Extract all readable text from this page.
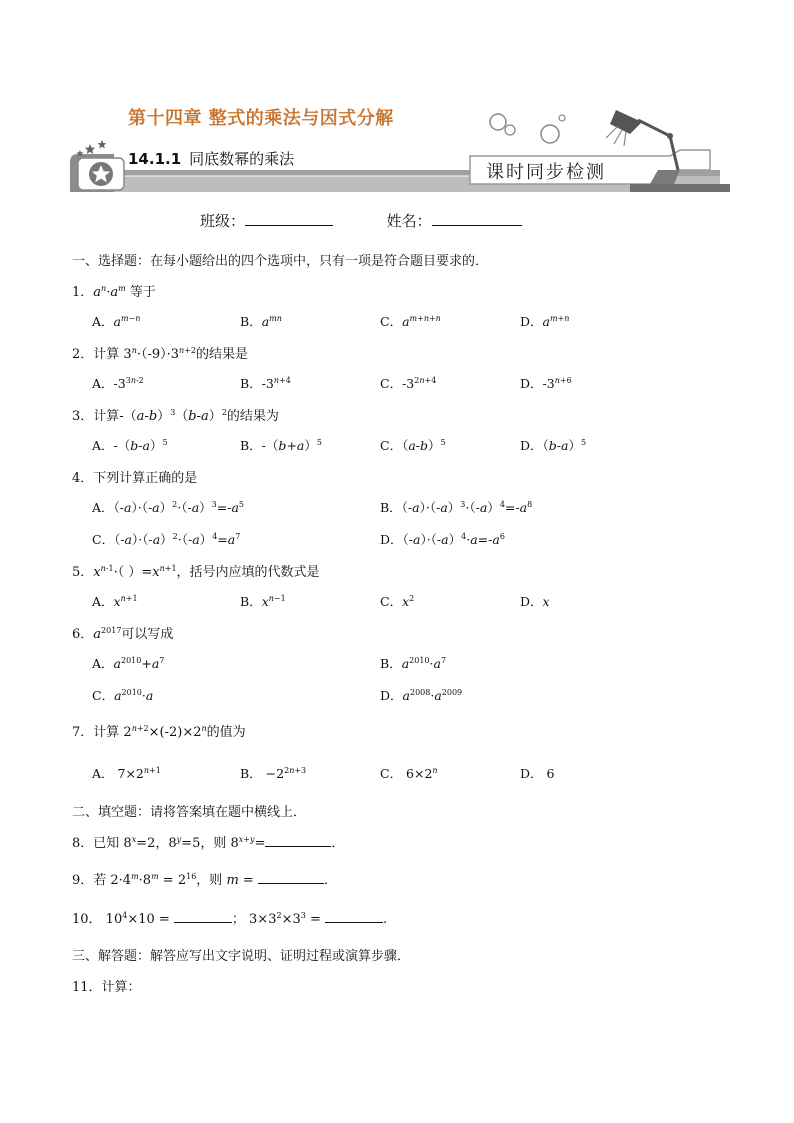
第十四章 整式的乘法与因式分解
14.1.1 同底数幂的乘法
课时同步检测
班级：	姓名：
一、选择题：在每小题给出的四个选项中，只有一项是符合题目要求的．
1．$a^n\cdot a^m$ 等于
A．$a^{m-n}$	B．$a^{mn}$	C．$a^{m+n+n}$	D．$a^{m+n}$
2．计算 $3^n\cdot(-9)\cdot 3^{n+2}$的结果是
A．$-3^{3n-2}$	B．$-3^{n+4}$	C．$-3^{2n+4}$	D．$-3^{n+6}$
3．计算$-(a-b)^3(b-a)^2$的结果为
A．$-(b-a)^5$	B．$-(b+a)^5$	C．$(a-b)^5$	D．$(b-a)^5$
4．下列计算正确的是
A．$(-a)\cdot(-a)^2\cdot(-a)^3=-a^5$	B．$(-a)\cdot(-a)^3\cdot(-a)^4=-a^8$
C．$(-a)\cdot(-a)^2\cdot(-a)^4=a^7$	D．$(-a)\cdot(-a)^4\cdot a=-a^6$
5．$x^{n-1}\cdot$（ ）$=x^{n+1}$，括号内应填的代数式是
A．$x^{n+1}$	B．$x^{n-1}$	C．$x^2$	D．x
6．$a^{2017}$可以写成
A．$a^{2010}+a^7$	B．$a^{2010}\cdot a^7$
C．$a^{2010}\cdot a$	D．$a^{2008}\cdot a^{2009}$
7．计算 $2^{n+2}\times(-2)\times 2^n$的值为
A． $7\times 2^{n+1}$	B． $-2^{2n+3}$	C． $6\times 2^n$	D． 6
二、填空题：请将答案填在题中横线上．
8．已知 $8^x=2$，$8^y=5$，则 $8^{x+y}=$	．
9．若 $2\cdot 4^m\cdot 8^m = 2^{16}$，则 m =	．
10． $10^4\times 10$ =	； $3\times 3^2\times 3^3$ =	.
三、解答题：解答应写出文字说明、证明过程或演算步骤．
11．计算：
